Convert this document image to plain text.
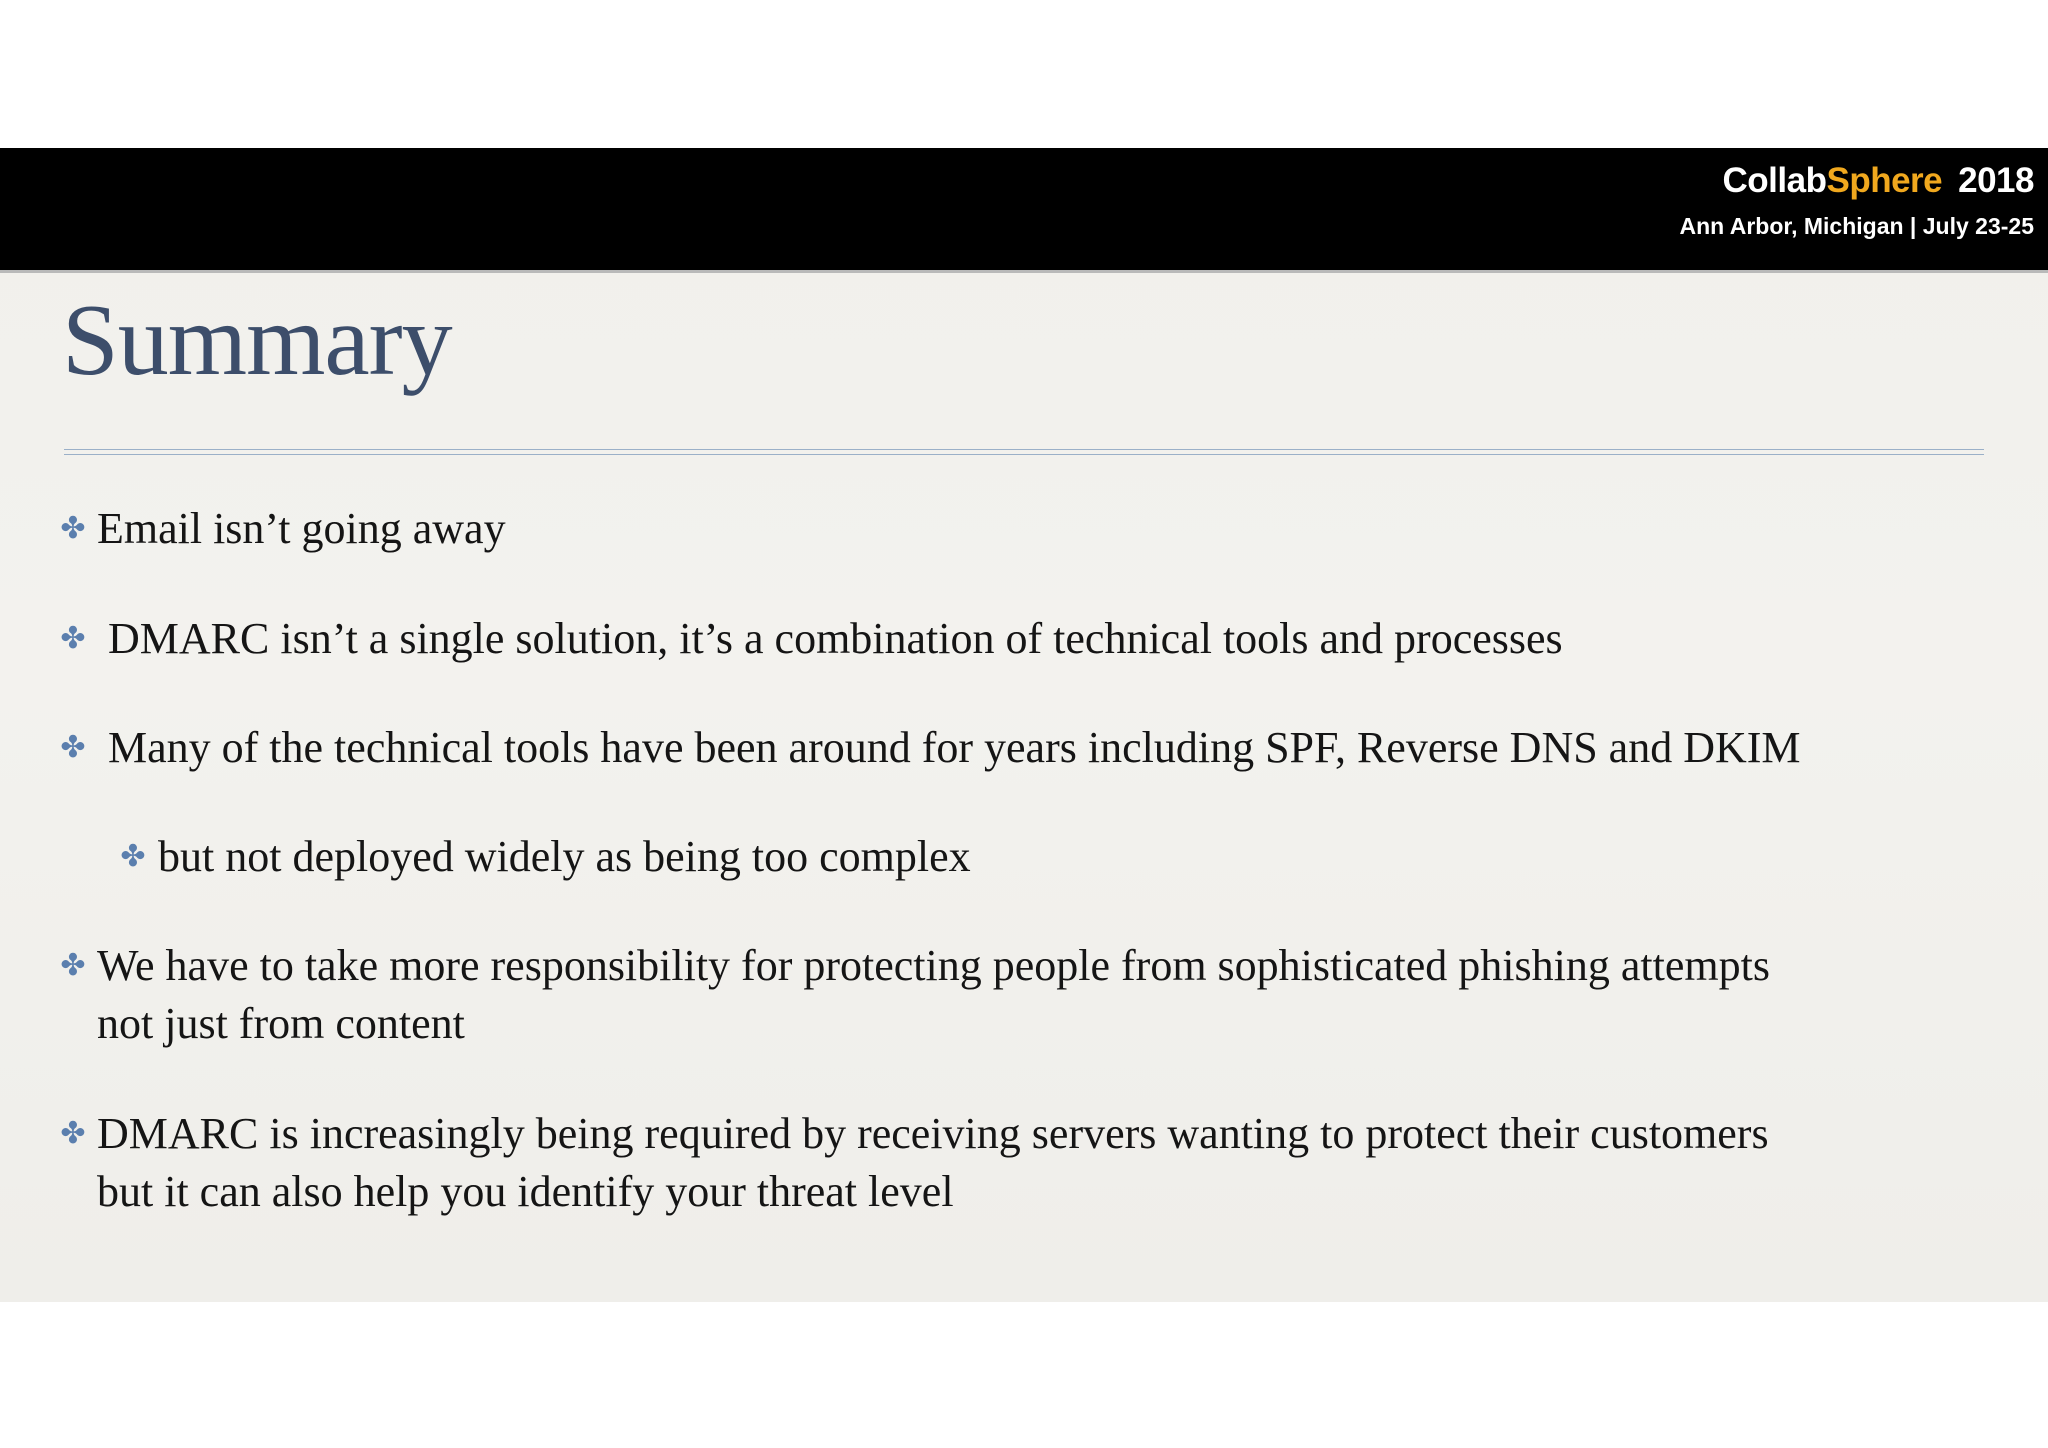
CollabSphere 2018
Ann Arbor, Michigan | July 23-25
Summary
✤ Email isn’t going away
✤ DMARC isn’t a single solution, it’s a combination of technical tools and processes
✤ Many of the technical tools have been around for years including SPF, Reverse DNS and DKIM
✤ but not deployed widely as being too complex
✤ We have to take more responsibility for protecting people from sophisticated phishing attempts
not just from content
✤ DMARC is increasingly being required by receiving servers wanting to protect their customers
but it can also help you identify your threat level
